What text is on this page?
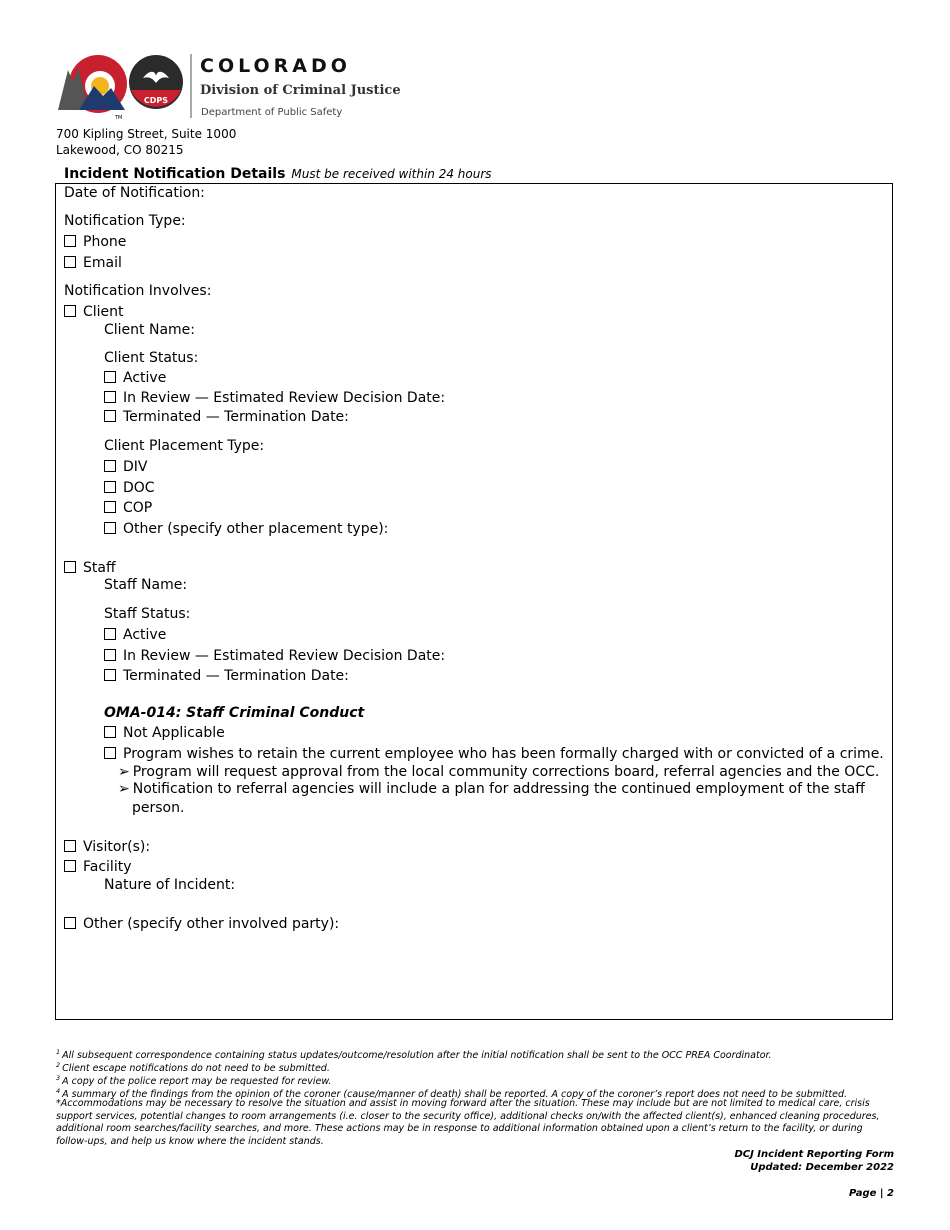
TM
CDPS
COLORADO
Division of Criminal Justice
Department of Public Safety
700 Kipling Street, Suite 1000
Lakewood, CO 80215
Incident Notification Details Must be received within 24 hours
Date of Notification:
Notification Type:
Phone
Email
Notification Involves:
Client
Client Name:
Client Status:
Active
In Review — Estimated Review Decision Date:
Terminated — Termination Date:
Client Placement Type:
DIV
DOC
COP
Other (specify other placement type):
Staff
Staff Name:
Staff Status:
Active
In Review — Estimated Review Decision Date:
Terminated — Termination Date:
OMA-014: Staff Criminal Conduct
Not Applicable
Program wishes to retain the current employee who has been formally charged with or convicted of a crime.
➢ Program will request approval from the local community corrections board, referral agencies and the OCC.
➢ Notification to referral agencies will include a plan for addressing the continued employment of the staff
person.
Visitor(s):
Facility
Nature of Incident:
Other (specify other involved party):
$^1$ All subsequent correspondence containing status updates/outcome/resolution after the initial notification shall be sent to the OCC PREA Coordinator.
$^2$ Client escape notifications do not need to be submitted.
$^3$ A copy of the police report may be requested for review.
$^4$ A summary of the findings from the opinion of the coroner (cause/manner of death) shall be reported. A copy of the coroner’s report does not need to be submitted.
*Accommodations may be necessary to resolve the situation and assist in moving forward after the situation. These may include but are not limited to medical care, crisis support services, potential changes to room arrangements (i.e. closer to the security office), additional checks on/with the affected client(s), enhanced cleaning procedures, additional room searches/facility searches, and more. These actions may be in response to additional information obtained upon a client’s return to the facility, or during follow-ups, and help us know where the incident stands.
DCJ Incident Reporting Form
Updated: December 2022
Page | 2
